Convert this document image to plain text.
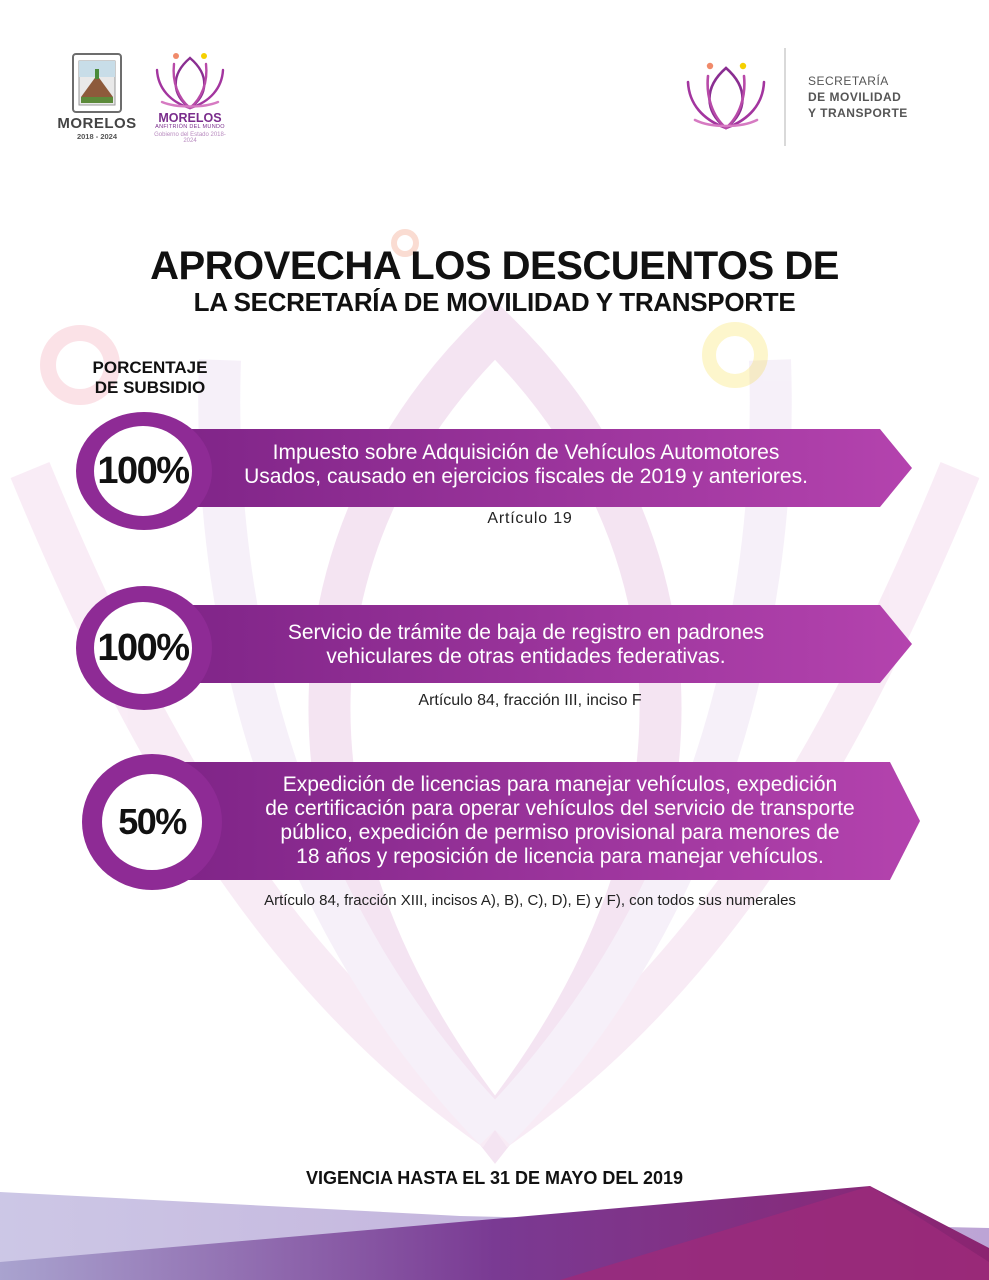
MORELOS
2018 - 2024
MORELOS
ANFITRIÓN DEL MUNDO
Gobierno del Estado 2018-2024
SECRETARÍA
DE MOVILIDAD
Y TRANSPORTE
APROVECHA LOS DESCUENTOS DE
LA SECRETARÍA DE MOVILIDAD Y TRANSPORTE
PORCENTAJE
DE SUBSIDIO
Impuesto sobre Adquisición de Vehículos Automotores
Usados, causado en ejercicios fiscales de 2019 y anteriores.
100%
Artículo 19
Servicio de trámite de baja de registro en padrones
vehiculares de otras entidades federativas.
100%
Artículo 84, fracción III, inciso F
Expedición de licencias para manejar vehículos, expedición
de certificación para operar vehículos del servicio de transporte
público, expedición de permiso provisional para menores de
18 años y reposición de licencia para manejar vehículos.
50%
Artículo 84, fracción XIII, incisos A), B), C), D), E) y F), con todos sus numerales
VIGENCIA HASTA EL 31 DE MAYO DEL 2019
